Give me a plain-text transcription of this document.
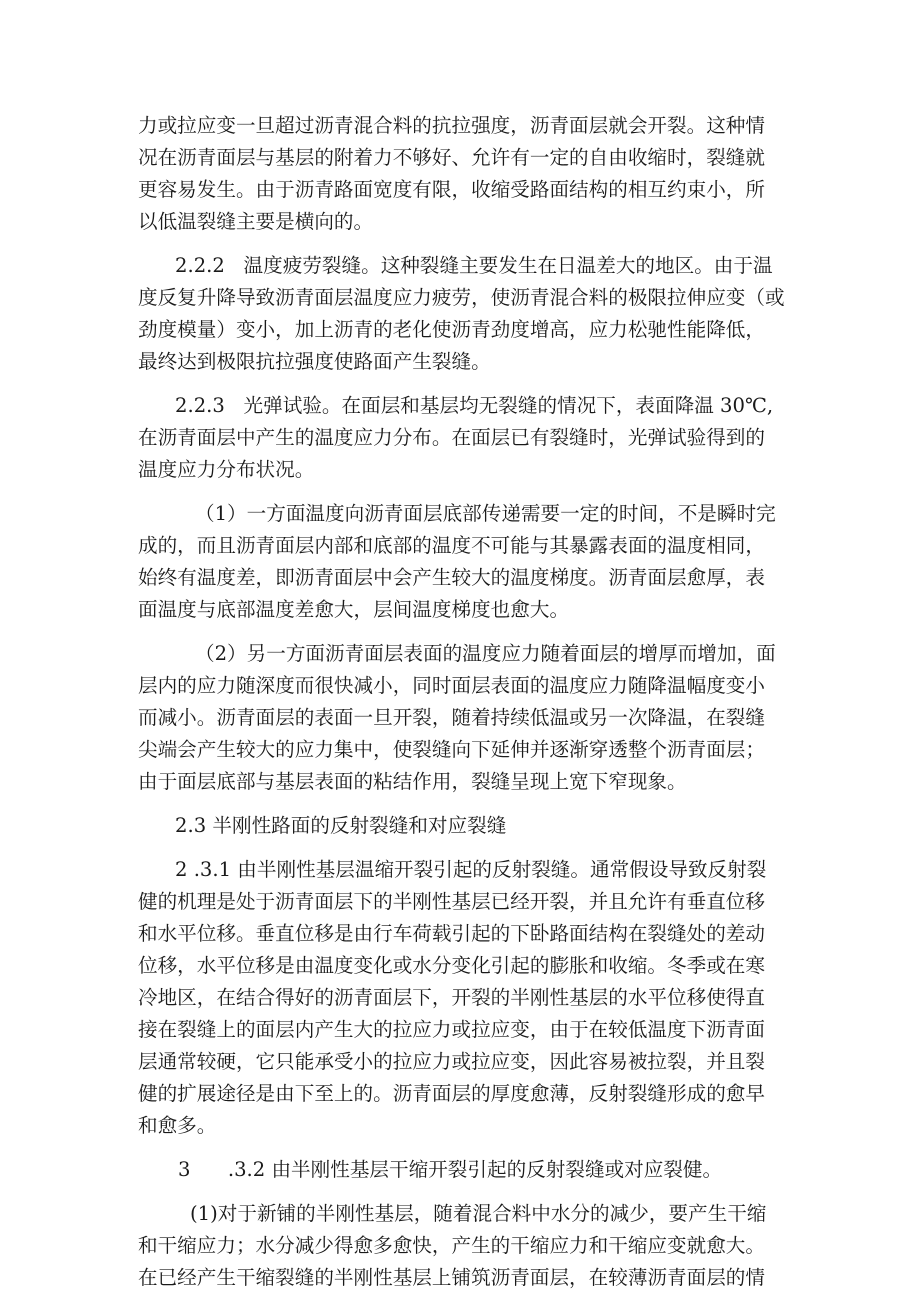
力或拉应变一旦超过沥青混合料的抗拉强度，沥青面层就会开裂。这种情
况在沥青面层与基层的附着力不够好、允许有一定的自由收缩时，裂缝就
更容易发生。由于沥青路面宽度有限，收缩受路面结构的相互约束小，所
以低温裂缝主要是横向的。
2.2.2   温度疲劳裂缝。这种裂缝主要发生在日温差大的地区。由于温
度反复升降导致沥青面层温度应力疲劳，使沥青混合料的极限拉伸应变（或
劲度模量）变小，加上沥青的老化使沥青劲度增高，应力松驰性能降低，
最终达到极限抗拉强度使路面产生裂缝。
2.2.3   光弹试验。在面层和基层均无裂缝的情况下，表面降温 30℃,
在沥青面层中产生的温度应力分布。在面层已有裂缝时，光弹试验得到的
温度应力分布状况。
（1）一方面温度向沥青面层底部传递需要一定的时间，不是瞬时完
成的，而且沥青面层内部和底部的温度不可能与其暴露表面的温度相同，
始终有温度差，即沥青面层中会产生较大的温度梯度。沥青面层愈厚，表
面温度与底部温度差愈大，层间温度梯度也愈大。
（2）另一方面沥青面层表面的温度应力随着面层的增厚而增加，面
层内的应力随深度而很快减小，同时面层表面的温度应力随降温幅度变小
而减小。沥青面层的表面一旦开裂，随着持续低温或另一次降温，在裂缝
尖端会产生较大的应力集中，使裂缝向下延伸并逐渐穿透整个沥青面层；
由于面层底部与基层表面的粘结作用，裂缝呈现上宽下窄现象。
2.3 半刚性路面的反射裂缝和对应裂缝
2 .3.1 由半刚性基层温缩开裂引起的反射裂缝。通常假设导致反射裂
健的机理是处于沥青面层下的半刚性基层已经开裂，并且允许有垂直位移
和水平位移。垂直位移是由行车荷载引起的下卧路面结构在裂缝处的差动
位移，水平位移是由温度变化或水分变化引起的膨胀和收缩。冬季或在寒
冷地区，在结合得好的沥青面层下，开裂的半刚性基层的水平位移使得直
接在裂缝上的面层内产生大的拉应力或拉应变，由于在较低温度下沥青面
层通常较硬，它只能承受小的拉应力或拉应变，因此容易被拉裂，并且裂
健的扩展途径是由下至上的。沥青面层的厚度愈薄，反射裂缝形成的愈早
和愈多。
3      .3.2 由半刚性基层干缩开裂引起的反射裂缝或对应裂健。
(1)对于新铺的半刚性基层，随着混合料中水分的减少，要产生干缩
和干缩应力；水分减少得愈多愈快，产生的干缩应力和干缩应变就愈大。
在已经产生干缩裂缝的半刚性基层上铺筑沥青面层，在较薄沥青面层的情
